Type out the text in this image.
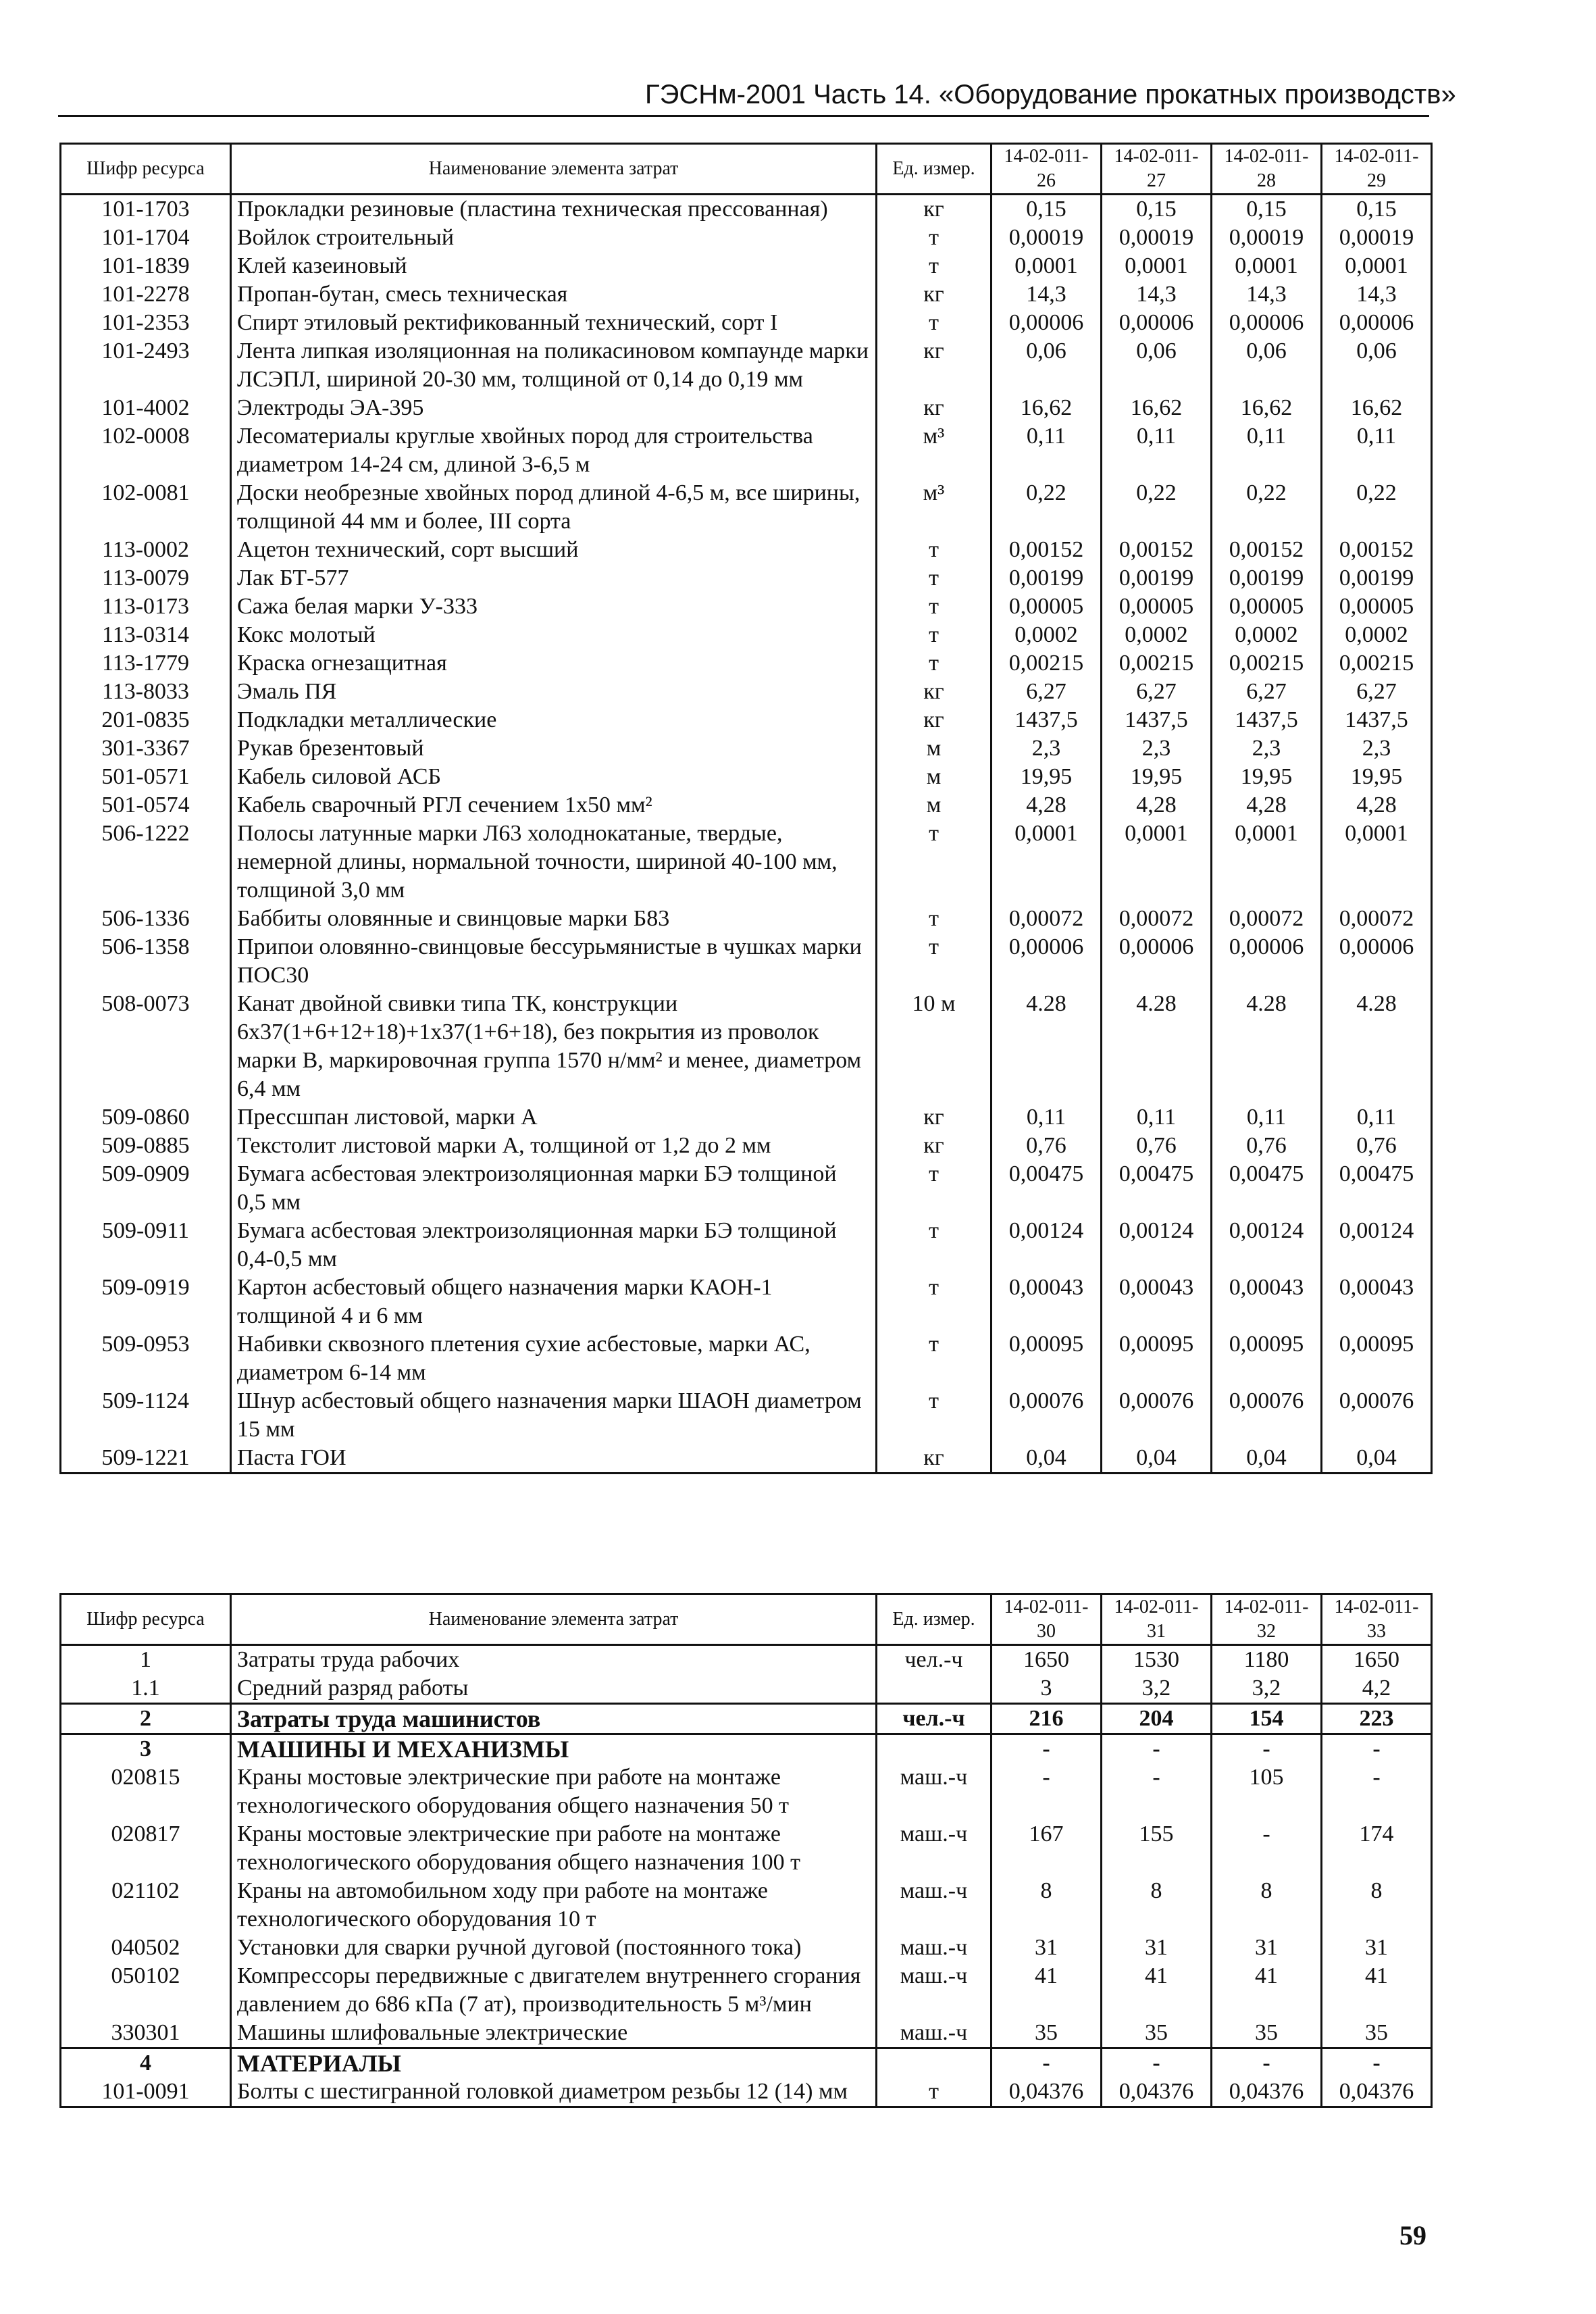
ГЭСНм-2001 Часть 14. «Оборудование прокатных производств»
Шифр ресурса	Наименование элемента затрат	Ед. измер.	14-02-011-26	14-02-011-27	14-02-011-28	14-02-011-29
101-1703	Прокладки резиновые (пластина техническая прессованная)	кг	0,15	0,15	0,15	0,15
101-1704	Войлок строительный	т	0,00019	0,00019	0,00019	0,00019
101-1839	Клей казеиновый	т	0,0001	0,0001	0,0001	0,0001
101-2278	Пропан-бутан, смесь техническая	кг	14,3	14,3	14,3	14,3
101-2353	Спирт этиловый ректификованный технический, сорт I	т	0,00006	0,00006	0,00006	0,00006
101-2493	Лента липкая изоляционная на поликасиновом компаунде марки ЛСЭПЛ, шириной 20-30 мм, толщиной от 0,14 до 0,19 мм	кг	0,06	0,06	0,06	0,06
101-4002	Электроды ЭА-395	кг	16,62	16,62	16,62	16,62
102-0008	Лесоматериалы круглые хвойных пород для строительства диаметром 14-24 см, длиной 3-6,5 м	м³	0,11	0,11	0,11	0,11
102-0081	Доски необрезные хвойных пород длиной 4-6,5 м, все ширины, толщиной 44 мм и более, III сорта	м³	0,22	0,22	0,22	0,22
113-0002	Ацетон технический, сорт высший	т	0,00152	0,00152	0,00152	0,00152
113-0079	Лак БТ-577	т	0,00199	0,00199	0,00199	0,00199
113-0173	Сажа белая марки У-333	т	0,00005	0,00005	0,00005	0,00005
113-0314	Кокс молотый	т	0,0002	0,0002	0,0002	0,0002
113-1779	Краска огнезащитная	т	0,00215	0,00215	0,00215	0,00215
113-8033	Эмаль ПЯ	кг	6,27	6,27	6,27	6,27
201-0835	Подкладки металлические	кг	1437,5	1437,5	1437,5	1437,5
301-3367	Рукав брезентовый	м	2,3	2,3	2,3	2,3
501-0571	Кабель силовой АСБ	м	19,95	19,95	19,95	19,95
501-0574	Кабель сварочный РГЛ сечением 1х50 мм²	м	4,28	4,28	4,28	4,28
506-1222	Полосы латунные марки Л63 холоднокатаные, твердые, немерной длины, нормальной точности, шириной 40-100 мм, толщиной 3,0 мм	т	0,0001	0,0001	0,0001	0,0001
506-1336	Баббиты оловянные и свинцовые марки Б83	т	0,00072	0,00072	0,00072	0,00072
506-1358	Припои оловянно-свинцовые бессурьмянистые в чушках марки ПОС30	т	0,00006	0,00006	0,00006	0,00006
508-0073	Канат двойной свивки типа ТК, конструкции 6х37(1+6+12+18)+1х37(1+6+18), без покрытия из проволок марки В, маркировочная группа 1570 н/мм² и менее, диаметром 6,4 мм	10 м	4.28	4.28	4.28	4.28
509-0860	Прессшпан листовой, марки А	кг	0,11	0,11	0,11	0,11
509-0885	Текстолит листовой марки А, толщиной от 1,2 до 2 мм	кг	0,76	0,76	0,76	0,76
509-0909	Бумага асбестовая электроизоляционная марки БЭ толщиной 0,5 мм	т	0,00475	0,00475	0,00475	0,00475
509-0911	Бумага асбестовая электроизоляционная марки БЭ толщиной 0,4-0,5 мм	т	0,00124	0,00124	0,00124	0,00124
509-0919	Картон асбестовый общего назначения марки КАОН-1 толщиной 4 и 6 мм	т	0,00043	0,00043	0,00043	0,00043
509-0953	Набивки сквозного плетения сухие асбестовые, марки АС, диаметром 6-14 мм	т	0,00095	0,00095	0,00095	0,00095
509-1124	Шнур асбестовый общего назначения марки ШАОН диаметром 15 мм	т	0,00076	0,00076	0,00076	0,00076
509-1221	Паста ГОИ	кг	0,04	0,04	0,04	0,04
Шифр ресурса	Наименование элемента затрат	Ед. измер.	14-02-011-30	14-02-011-31	14-02-011-32	14-02-011-33
1	Затраты труда рабочих	чел.-ч	1650	1530	1180	1650
1.1	Средний разряд работы		3	3,2	3,2	4,2
2	Затраты труда машинистов	чел.-ч	216	204	154	223
3	МАШИНЫ И МЕХАНИЗМЫ		-	-	-	-
020815	Краны мостовые электрические при работе на монтаже технологического оборудования общего назначения 50 т	маш.-ч	-	-	105	-
020817	Краны мостовые электрические при работе на монтаже технологического оборудования общего назначения 100 т	маш.-ч	167	155	-	174
021102	Краны на автомобильном ходу при работе на монтаже технологического оборудования 10 т	маш.-ч	8	8	8	8
040502	Установки для сварки ручной дуговой (постоянного тока)	маш.-ч	31	31	31	31
050102	Компрессоры передвижные с двигателем внутреннего сгорания давлением до 686 кПа (7 ат), производительность 5 м³/мин	маш.-ч	41	41	41	41
330301	Машины шлифовальные электрические	маш.-ч	35	35	35	35
4	МАТЕРИАЛЫ		-	-	-	-
101-0091	Болты с шестигранной головкой диаметром резьбы 12 (14) мм	т	0,04376	0,04376	0,04376	0,04376
59
